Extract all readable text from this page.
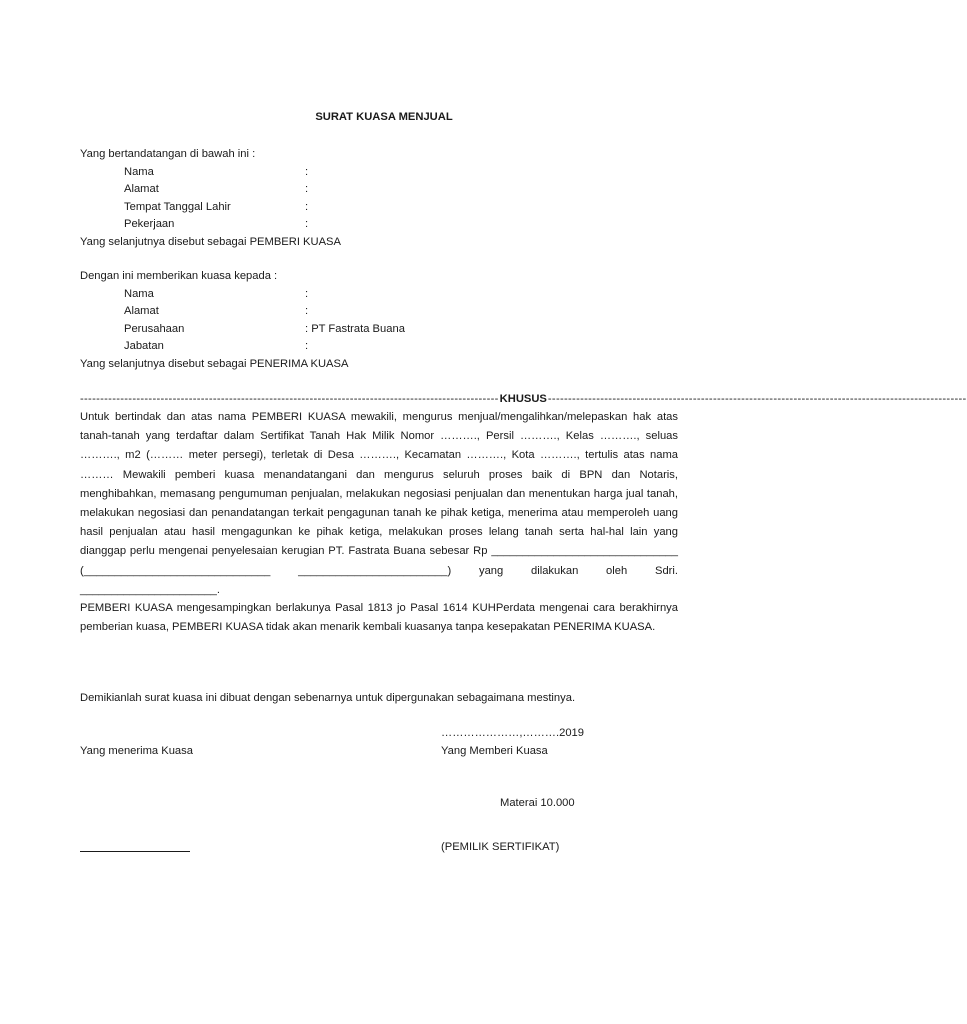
SURAT KUASA MENJUAL
Yang bertandatangan di bawah ini :
Nama	:
Alamat	:
Tempat Tanggal Lahir	:
Pekerjaan	:
Yang selanjutnya disebut sebagai PEMBERI KUASA
Dengan ini memberikan kuasa kepada :
Nama	:
Alamat	:
Perusahaan	: PT Fastrata Buana
Jabatan	:
Yang selanjutnya disebut sebagai PENERIMA KUASA
-------------------------------------------------------------------------------------------------------- KHUSUS --------------------------------------------------------------------------------------------------------
Untuk bertindak dan atas nama PEMBERI KUASA mewakili, mengurus menjual/mengalihkan/melepaskan hak atas tanah-tanah yang terdaftar dalam Sertifikat Tanah Hak Milik Nomor ………., Persil ………., Kelas ………., seluas ………., m2 (……… meter persegi), terletak di Desa ………., Kecamatan ………., Kota ………., tertulis atas nama ……… Mewakili pemberi kuasa menandatangani dan mengurus seluruh proses baik di BPN dan Notaris, menghibahkan, memasang pengumuman penjualan, melakukan negosiasi penjualan dan menentukan harga jual tanah, melakukan negosiasi dan penandatangan terkait pengagunan tanah ke pihak ketiga, menerima atau memperoleh uang hasil penjualan atau hasil mengagunkan ke pihak ketiga, melakukan proses lelang tanah serta hal-hal lain yang dianggap perlu mengenai penyelesaian kerugian PT. Fastrata Buana sebesar Rp ______________________________ (______________________________ ________________________) yang dilakukan oleh Sdri. ______________________.
PEMBERI KUASA mengesampingkan berlakunya Pasal 1813 jo Pasal 1614 KUHPerdata mengenai cara berakhirnya pemberian kuasa, PEMBERI KUASA tidak akan menarik kembali kuasanya tanpa kesepakatan PENERIMA KUASA.
Demikianlah surat kuasa ini dibuat dengan sebenarnya untuk dipergunakan sebagaimana mestinya.
…………………,……….2019
Yang menerima Kuasa	Yang Memberi Kuasa
Materai 10.000
(PEMILIK SERTIFIKAT)
